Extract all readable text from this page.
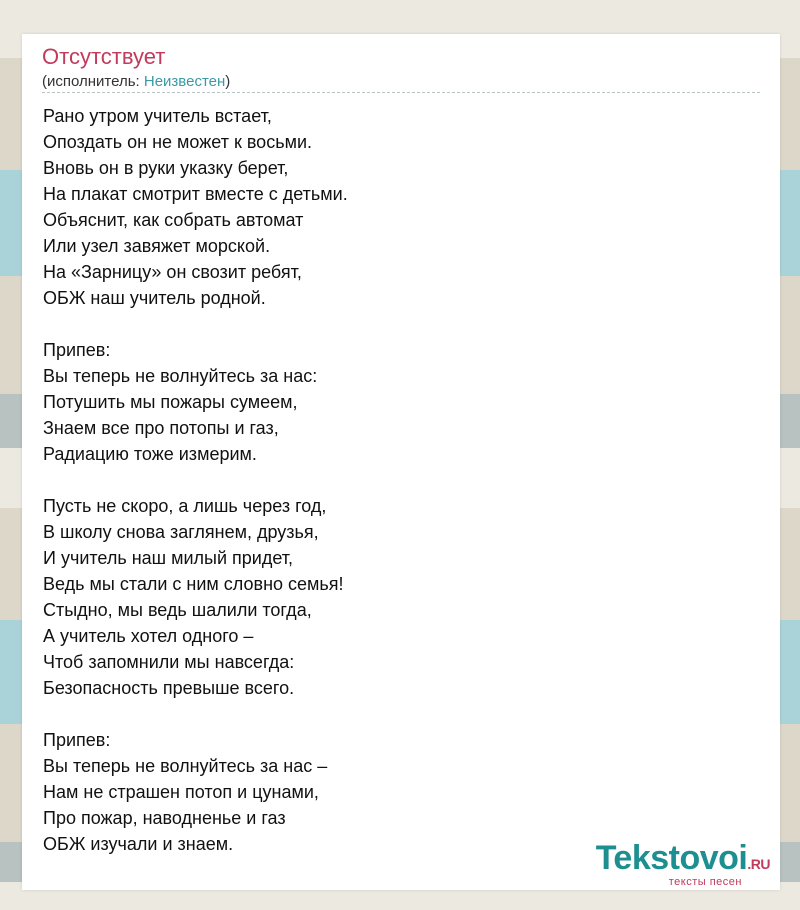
Отсутствует
(исполнитель: Неизвестен)
Рано утром учитель встает,
Опоздать он не может к восьми.
Вновь он в руки указку берет,
На плакат смотрит вместе с детьми.
Объяснит, как собрать автомат
Или узел завяжет морской.
На «Зарницу» он свозит ребят,
ОБЖ наш учитель родной.
Припев:
Вы теперь не волнуйтесь за нас:
Потушить мы пожары сумеем,
Знаем все про потопы и газ,
Радиацию тоже измерим.
Пусть не скоро, а лишь через год,
В школу снова заглянем, друзья,
И учитель наш милый придет,
Ведь мы стали с ним словно семья!
Стыдно, мы ведь шалили тогда,
А учитель хотел одного –
Чтоб запомнили мы навсегда:
Безопасность превыше всего.
Припев:
Вы теперь не волнуйтесь за нас –
Нам не страшен потоп и цунами,
Про пожар, наводненье и газ
ОБЖ изучали и знаем.	Tekstovoi.RU
тексты песен
